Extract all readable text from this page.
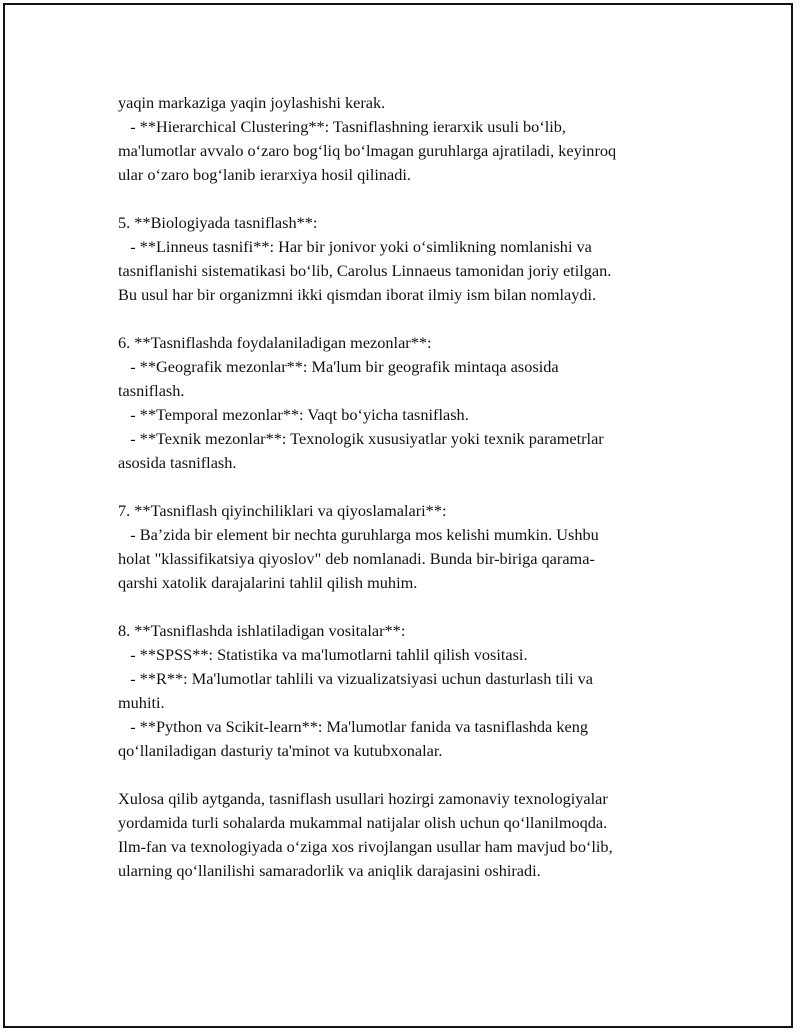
yaqin markaziga yaqin joylashishi kerak.
- **Hierarchical Clustering**: Tasniflashning ierarxik usuli bo‘lib,
ma'lumotlar avvalo o‘zaro bog‘liq bo‘lmagan guruhlarga ajratiladi, keyinroq
ular o‘zaro bog‘lanib ierarxiya hosil qilinadi.
5. **Biologiyada tasniflash**:
- **Linneus tasnifi**: Har bir jonivor yoki o‘simlikning nomlanishi va
tasniflanishi sistematikasi bo‘lib, Carolus Linnaeus tamonidan joriy etilgan.
Bu usul har bir organizmni ikki qismdan iborat ilmiy ism bilan nomlaydi.
6. **Tasniflashda foydalaniladigan mezonlar**:
- **Geografik mezonlar**: Ma'lum bir geografik mintaqa asosida
tasniflash.
- **Temporal mezonlar**: Vaqt bo‘yicha tasniflash.
- **Texnik mezonlar**: Texnologik xususiyatlar yoki texnik parametrlar
asosida tasniflash.
7. **Tasniflash qiyinchiliklari va qiyoslamalari**:
- Ba’zida bir element bir nechta guruhlarga mos kelishi mumkin. Ushbu
holat "klassifikatsiya qiyoslov" deb nomlanadi. Bunda bir-biriga qarama-
qarshi xatolik darajalarini tahlil qilish muhim.
8. **Tasniflashda ishlatiladigan vositalar**:
- **SPSS**: Statistika va ma'lumotlarni tahlil qilish vositasi.
- **R**: Ma'lumotlar tahlili va vizualizatsiyasi uchun dasturlash tili va
muhiti.
- **Python va Scikit-learn**: Ma'lumotlar fanida va tasniflashda keng
qo‘llaniladigan dasturiy ta'minot va kutubxonalar.
Xulosa qilib aytganda, tasniflash usullari hozirgi zamonaviy texnologiyalar
yordamida turli sohalarda mukammal natijalar olish uchun qo‘llanilmoqda.
Ilm-fan va texnologiyada o‘ziga xos rivojlangan usullar ham mavjud bo‘lib,
ularning qo‘llanilishi samaradorlik va aniqlik darajasini oshiradi.
